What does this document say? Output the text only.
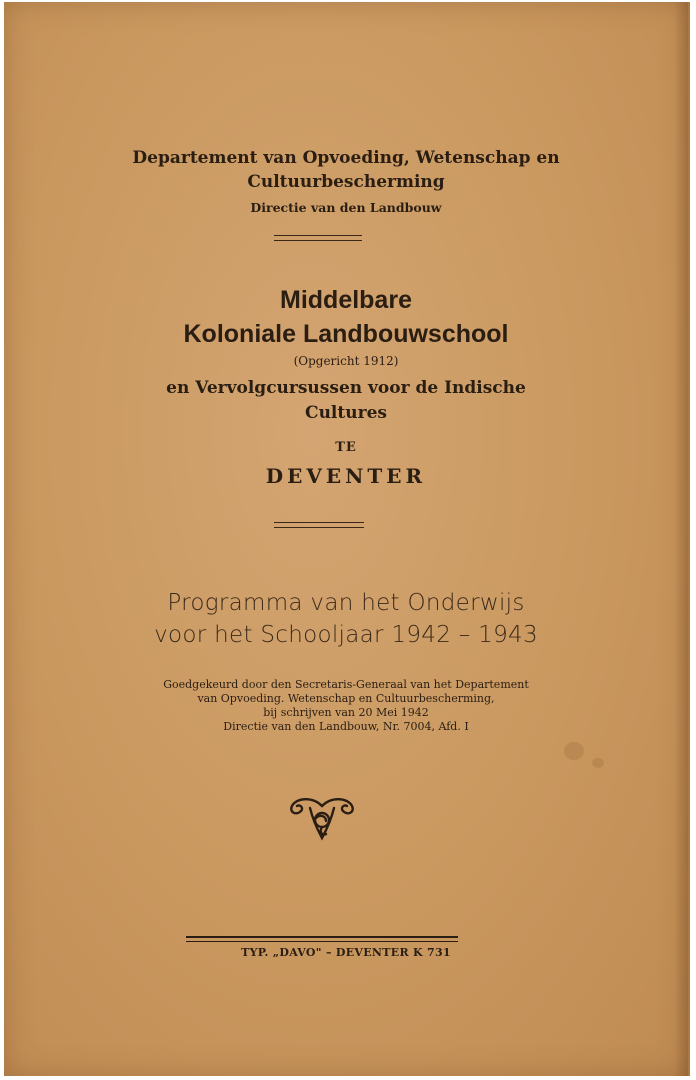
Departement van Opvoeding, Wetenschap en
Cultuurbescherming
Directie van den Landbouw
Middelbare
Koloniale Landbouwschool
(Opgericht 1912)
en Vervolgcursussen voor de Indische
Cultures
TE
DEVENTER
Programma van het Onderwijs
voor het Schooljaar 1942 – 1943
Goedgekeurd door den Secretaris-Generaal van het Departement
van Opvoeding. Wetenschap en Cultuurbescherming,
bij schrijven van 20 Mei 1942
Directie van den Landbouw, Nr. 7004, Afd. I
TYP. „DAVO" – DEVENTER K 731
